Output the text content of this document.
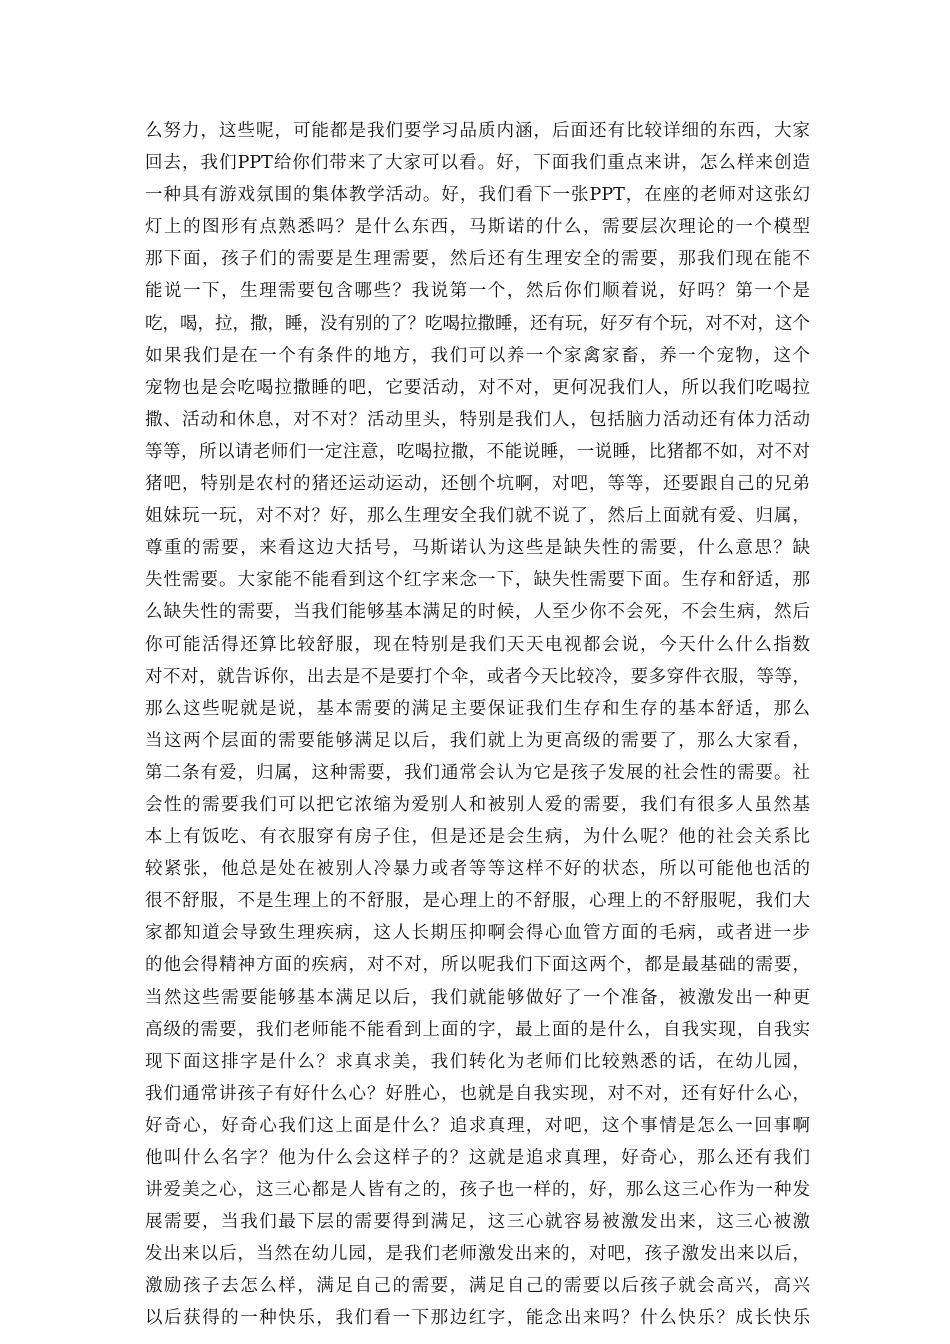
么努力，这些呢，可能都是我们要学习品质内涵，后面还有比较详细的东西，大家
回去，我们PPT给你们带来了大家可以看。好，下面我们重点来讲，怎么样来创造
一种具有游戏氛围的集体教学活动。好，我们看下一张PPT，在座的老师对这张幻
灯上的图形有点熟悉吗？是什么东西，马斯诺的什么，需要层次理论的一个模型
那下面，孩子们的需要是生理需要，然后还有生理安全的需要，那我们现在能不
能说一下，生理需要包含哪些？我说第一个，然后你们顺着说，好吗？第一个是
吃，喝，拉，撒，睡，没有别的了？吃喝拉撒睡，还有玩，好歹有个玩，对不对，这个
如果我们是在一个有条件的地方，我们可以养一个家禽家畜，养一个宠物，这个
宠物也是会吃喝拉撒睡的吧，它要活动，对不对，更何况我们人，所以我们吃喝拉
撒、活动和休息，对不对？活动里头，特别是我们人，包括脑力活动还有体力活动
等等，所以请老师们一定注意，吃喝拉撒，不能说睡，一说睡，比猪都不如，对不对
猪吧，特别是农村的猪还运动运动，还刨个坑啊，对吧，等等，还要跟自己的兄弟
姐妹玩一玩，对不对？好，那么生理安全我们就不说了，然后上面就有爱、归属，
尊重的需要，来看这边大括号，马斯诺认为这些是缺失性的需要，什么意思？缺
失性需要。大家能不能看到这个红字来念一下，缺失性需要下面。生存和舒适，那
么缺失性的需要，当我们能够基本满足的时候，人至少你不会死，不会生病，然后
你可能活得还算比较舒服，现在特别是我们天天电视都会说，今天什么什么指数
对不对，就告诉你，出去是不是要打个伞，或者今天比较冷，要多穿件衣服，等等，
那么这些呢就是说，基本需要的满足主要保证我们生存和生存的基本舒适，那么
当这两个层面的需要能够满足以后，我们就上为更高级的需要了，那么大家看，
第二条有爱，归属，这种需要，我们通常会认为它是孩子发展的社会性的需要。社
会性的需要我们可以把它浓缩为爱别人和被别人爱的需要，我们有很多人虽然基
本上有饭吃、有衣服穿有房子住，但是还是会生病，为什么呢？他的社会关系比
较紧张，他总是处在被别人冷暴力或者等等这样不好的状态，所以可能他也活的
很不舒服，不是生理上的不舒服，是心理上的不舒服，心理上的不舒服呢，我们大
家都知道会导致生理疾病，这人长期压抑啊会得心血管方面的毛病，或者进一步
的他会得精神方面的疾病，对不对，所以呢我们下面这两个，都是最基础的需要，
当然这些需要能够基本满足以后，我们就能够做好了一个准备，被激发出一种更
高级的需要，我们老师能不能看到上面的字，最上面的是什么，自我实现，自我实
现下面这排字是什么？求真求美，我们转化为老师们比较熟悉的话，在幼儿园，
我们通常讲孩子有好什么心？好胜心，也就是自我实现，对不对，还有好什么心，
好奇心，好奇心我们这上面是什么？追求真理，对吧，这个事情是怎么一回事啊
他叫什么名字？他为什么会这样子的？这就是追求真理，好奇心，那么还有我们
讲爱美之心，这三心都是人皆有之的，孩子也一样的，好，那么这三心作为一种发
展需要，当我们最下层的需要得到满足，这三心就容易被激发出来，这三心被激
发出来以后，当然在幼儿园，是我们老师激发出来的，对吧，孩子激发出来以后，
激励孩子去怎么样，满足自己的需要，满足自己的需要以后孩子就会高兴，高兴
以后获得的一种快乐，我们看一下那边红字，能念出来吗？什么快乐？成长快乐
